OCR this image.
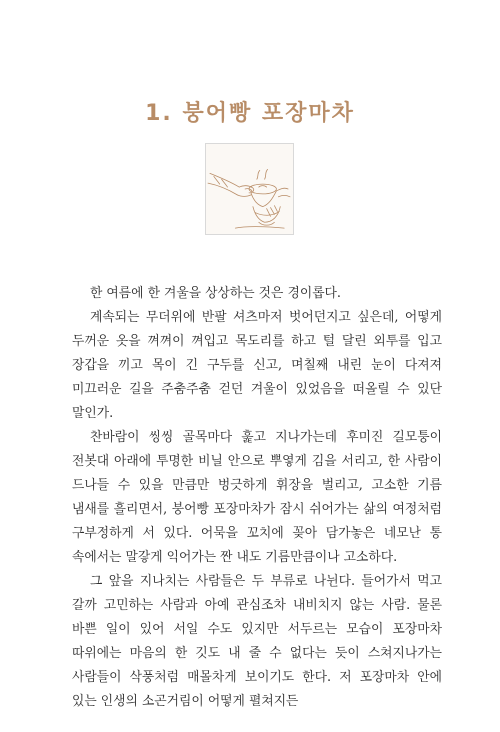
1. 붕어빵 포장마차

한 여름에 한 겨울을 상상하는 것은 경이롭다.

계속되는 무더위에 반팔 셔츠마저 벗어던지고 싶은데, 어떻게 두꺼운 옷을 껴껴이 껴입고 목도리를 하고 털 달린 외투를 입고 장갑을 끼고 목이 긴 구두를 신고, 며칠째 내린 눈이 다져져 미끄러운 길을 주춤주춤 걷던 겨울이 있었음을 떠올릴 수 있단 말인가.

찬바람이 씽씽 골목마다 훑고 지나가는데 후미진 길모퉁이 전봇대 아래에 투명한 비닐 안으로 뿌옇게 김을 서리고, 한 사람이 드나들 수 있을 만큼만 벙긋하게 휘장을 벌리고, 고소한 기름 냄새를 흘리면서, 붕어빵 포장마차가 잠시 쉬어가는 삶의 여정처럼 구부정하게 서 있다. 어묵을 꼬치에 꽂아 담가놓은 네모난 통 속에서는 말갛게 익어가는 짠 내도 기름만큼이나 고소하다.

그 앞을 지나치는 사람들은 두 부류로 나뉜다. 들어가서 먹고 갈까 고민하는 사람과 아예 관심조차 내비치지 않는 사람. 물론 바쁜 일이 있어 서일 수도 있지만 서두르는 모습이 포장마차 따위에는 마음의 한 깃도 내 줄 수 없다는 듯이 스쳐지나가는 사람들이 삭풍처럼 매몰차게 보이기도 한다. 저 포장마차 안에 있는 인생의 소곤거림이 어떻게 펼쳐지든
